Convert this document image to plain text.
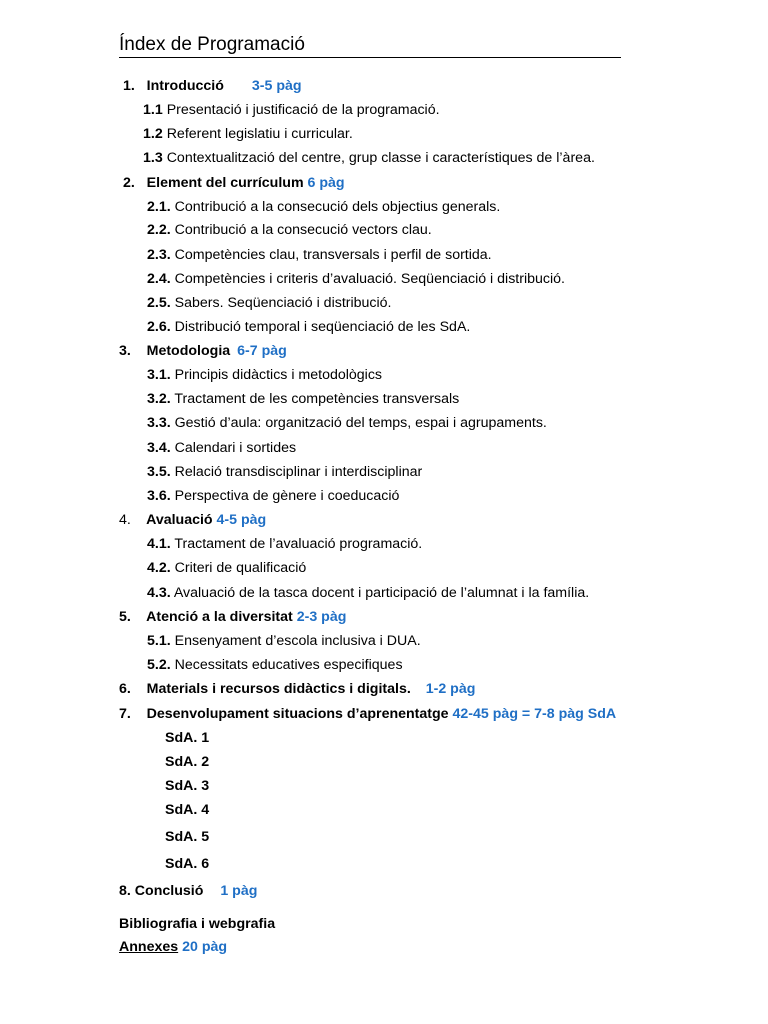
Índex de Programació
1. Introducció 3-5 pàg
1.1 Presentació i justificació de la programació.
1.2 Referent legislatiu i curricular.
1.3 Contextualització del centre, grup classe i característiques de l’àrea.
2. Element del currículum 6 pàg
2.1. Contribució a la consecució dels objectius generals.
2.2. Contribució a la consecució vectors clau.
2.3. Competències clau, transversals i perfil de sortida.
2.4. Competències i criteris d’avaluació. Seqüenciació i distribució.
2.5. Sabers. Seqüenciació i distribució.
2.6. Distribució temporal i seqüenciació de les SdA.
3. Metodologia 6-7 pàg
3.1. Principis didàctics i metodològics
3.2. Tractament de les competències transversals
3.3. Gestió d’aula: organització del temps, espai i agrupaments.
3.4. Calendari i sortides
3.5. Relació transdisciplinar i interdisciplinar
3.6. Perspectiva de gènere i coeducació
4. Avaluació 4-5 pàg
4.1. Tractament de l’avaluació programació.
4.2. Criteri de qualificació
4.3. Avaluació de la tasca docent i participació de l’alumnat i la família.
5. Atenció a la diversitat 2-3 pàg
5.1. Ensenyament d’escola inclusiva i DUA.
5.2. Necessitats educatives especifiques
6. Materials i recursos didàctics i digitals. 1-2 pàg
7. Desenvolupament situacions d’aprenentatge 42-45 pàg = 7-8 pàg SdA
SdA. 1
SdA. 2
SdA. 3
SdA. 4
SdA. 5
SdA. 6
8. Conclusió 1 pàg
Bibliografia i webgrafia
Annexes 20 pàg
